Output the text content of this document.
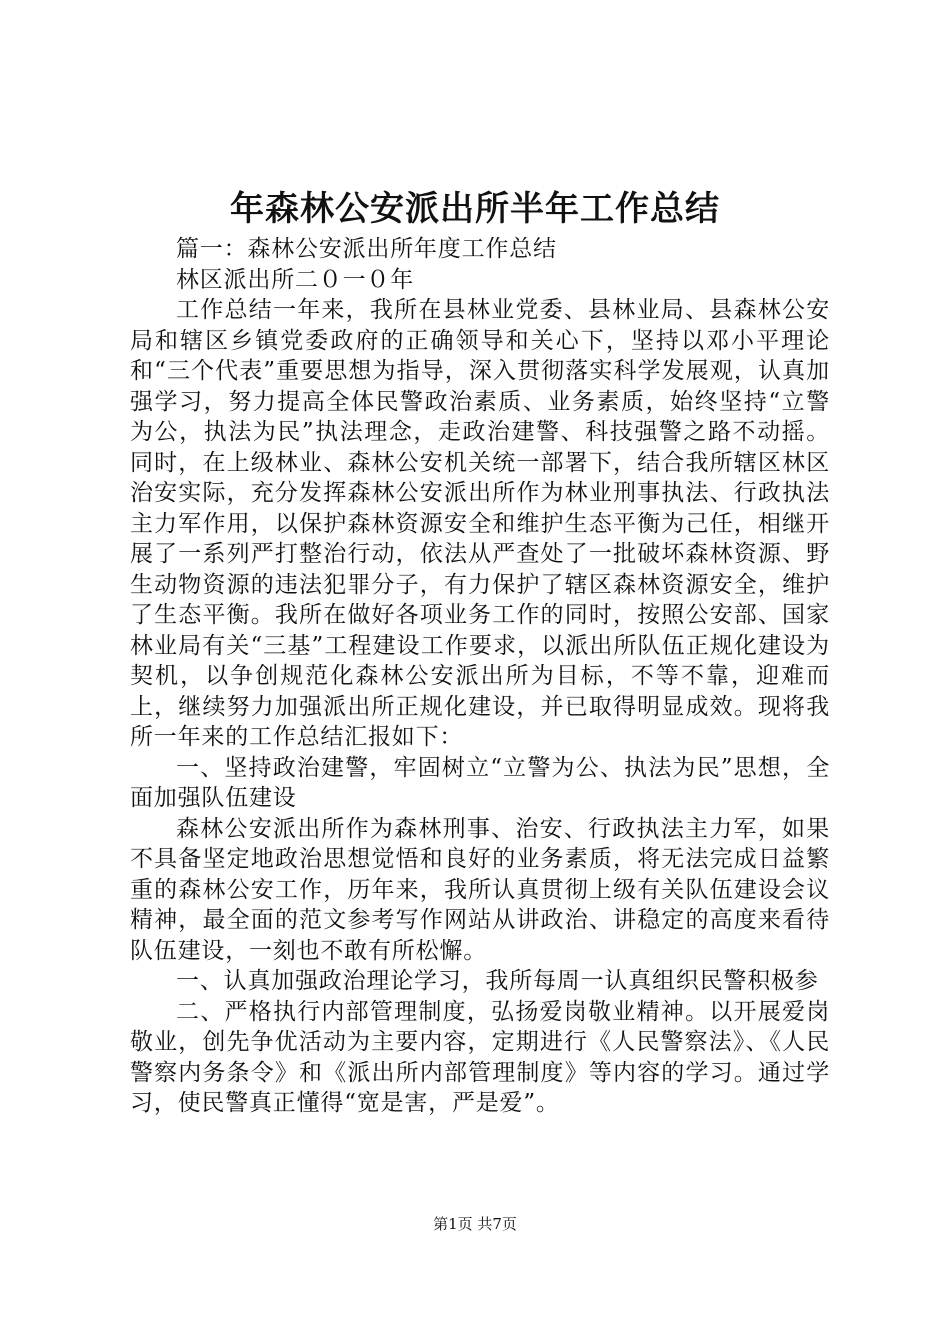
年森林公安派出所半年工作总结

篇一：森林公安派出所年度工作总结

林区派出所二０一０年

工作总结一年来，我所在县林业党委、县林业局、县森林公安局和辖区乡镇党委政府的正确领导和关心下，坚持以邓小平理论和“三个代表”重要思想为指导，深入贯彻落实科学发展观，认真加强学习，努力提高全体民警政治素质、业务素质，始终坚持“立警为公，执法为民”执法理念，走政治建警、科技强警之路不动摇。同时，在上级林业、森林公安机关统一部署下，结合我所辖区林区治安实际，充分发挥森林公安派出所作为林业刑事执法、行政执法主力军作用，以保护森林资源安全和维护生态平衡为己任，相继开展了一系列严打整治行动，依法从严查处了一批破坏森林资源、野生动物资源的违法犯罪分子，有力保护了辖区森林资源安全，维护了生态平衡。我所在做好各项业务工作的同时，按照公安部、国家林业局有关“三基”工程建设工作要求，以派出所队伍正规化建设为契机，以争创规范化森林公安派出所为目标，不等不靠，迎难而上，继续努力加强派出所正规化建设，并已取得明显成效。现将我所一年来的工作总结汇报如下：

一、坚持政治建警，牢固树立“立警为公、执法为民”思想，全面加强队伍建设

森林公安派出所作为森林刑事、治安、行政执法主力军，如果不具备坚定地政治思想觉悟和良好的业务素质，将无法完成日益繁重的森林公安工作，历年来，我所认真贯彻上级有关队伍建设会议精神，最全面的范文参考写作网站从讲政治、讲稳定的高度来看待队伍建设，一刻也不敢有所松懈。

一、认真加强政治理论学习，我所每周一认真组织民警积极参

二、严格执行内部管理制度，弘扬爱岗敬业精神。以开展爱岗敬业，创先争优活动为主要内容，定期进行《人民警察法》、《人民警察内务条令》和《派出所内部管理制度》等内容的学习。通过学习，使民警真正懂得“宽是害，严是爱”。

第1页 共7页
